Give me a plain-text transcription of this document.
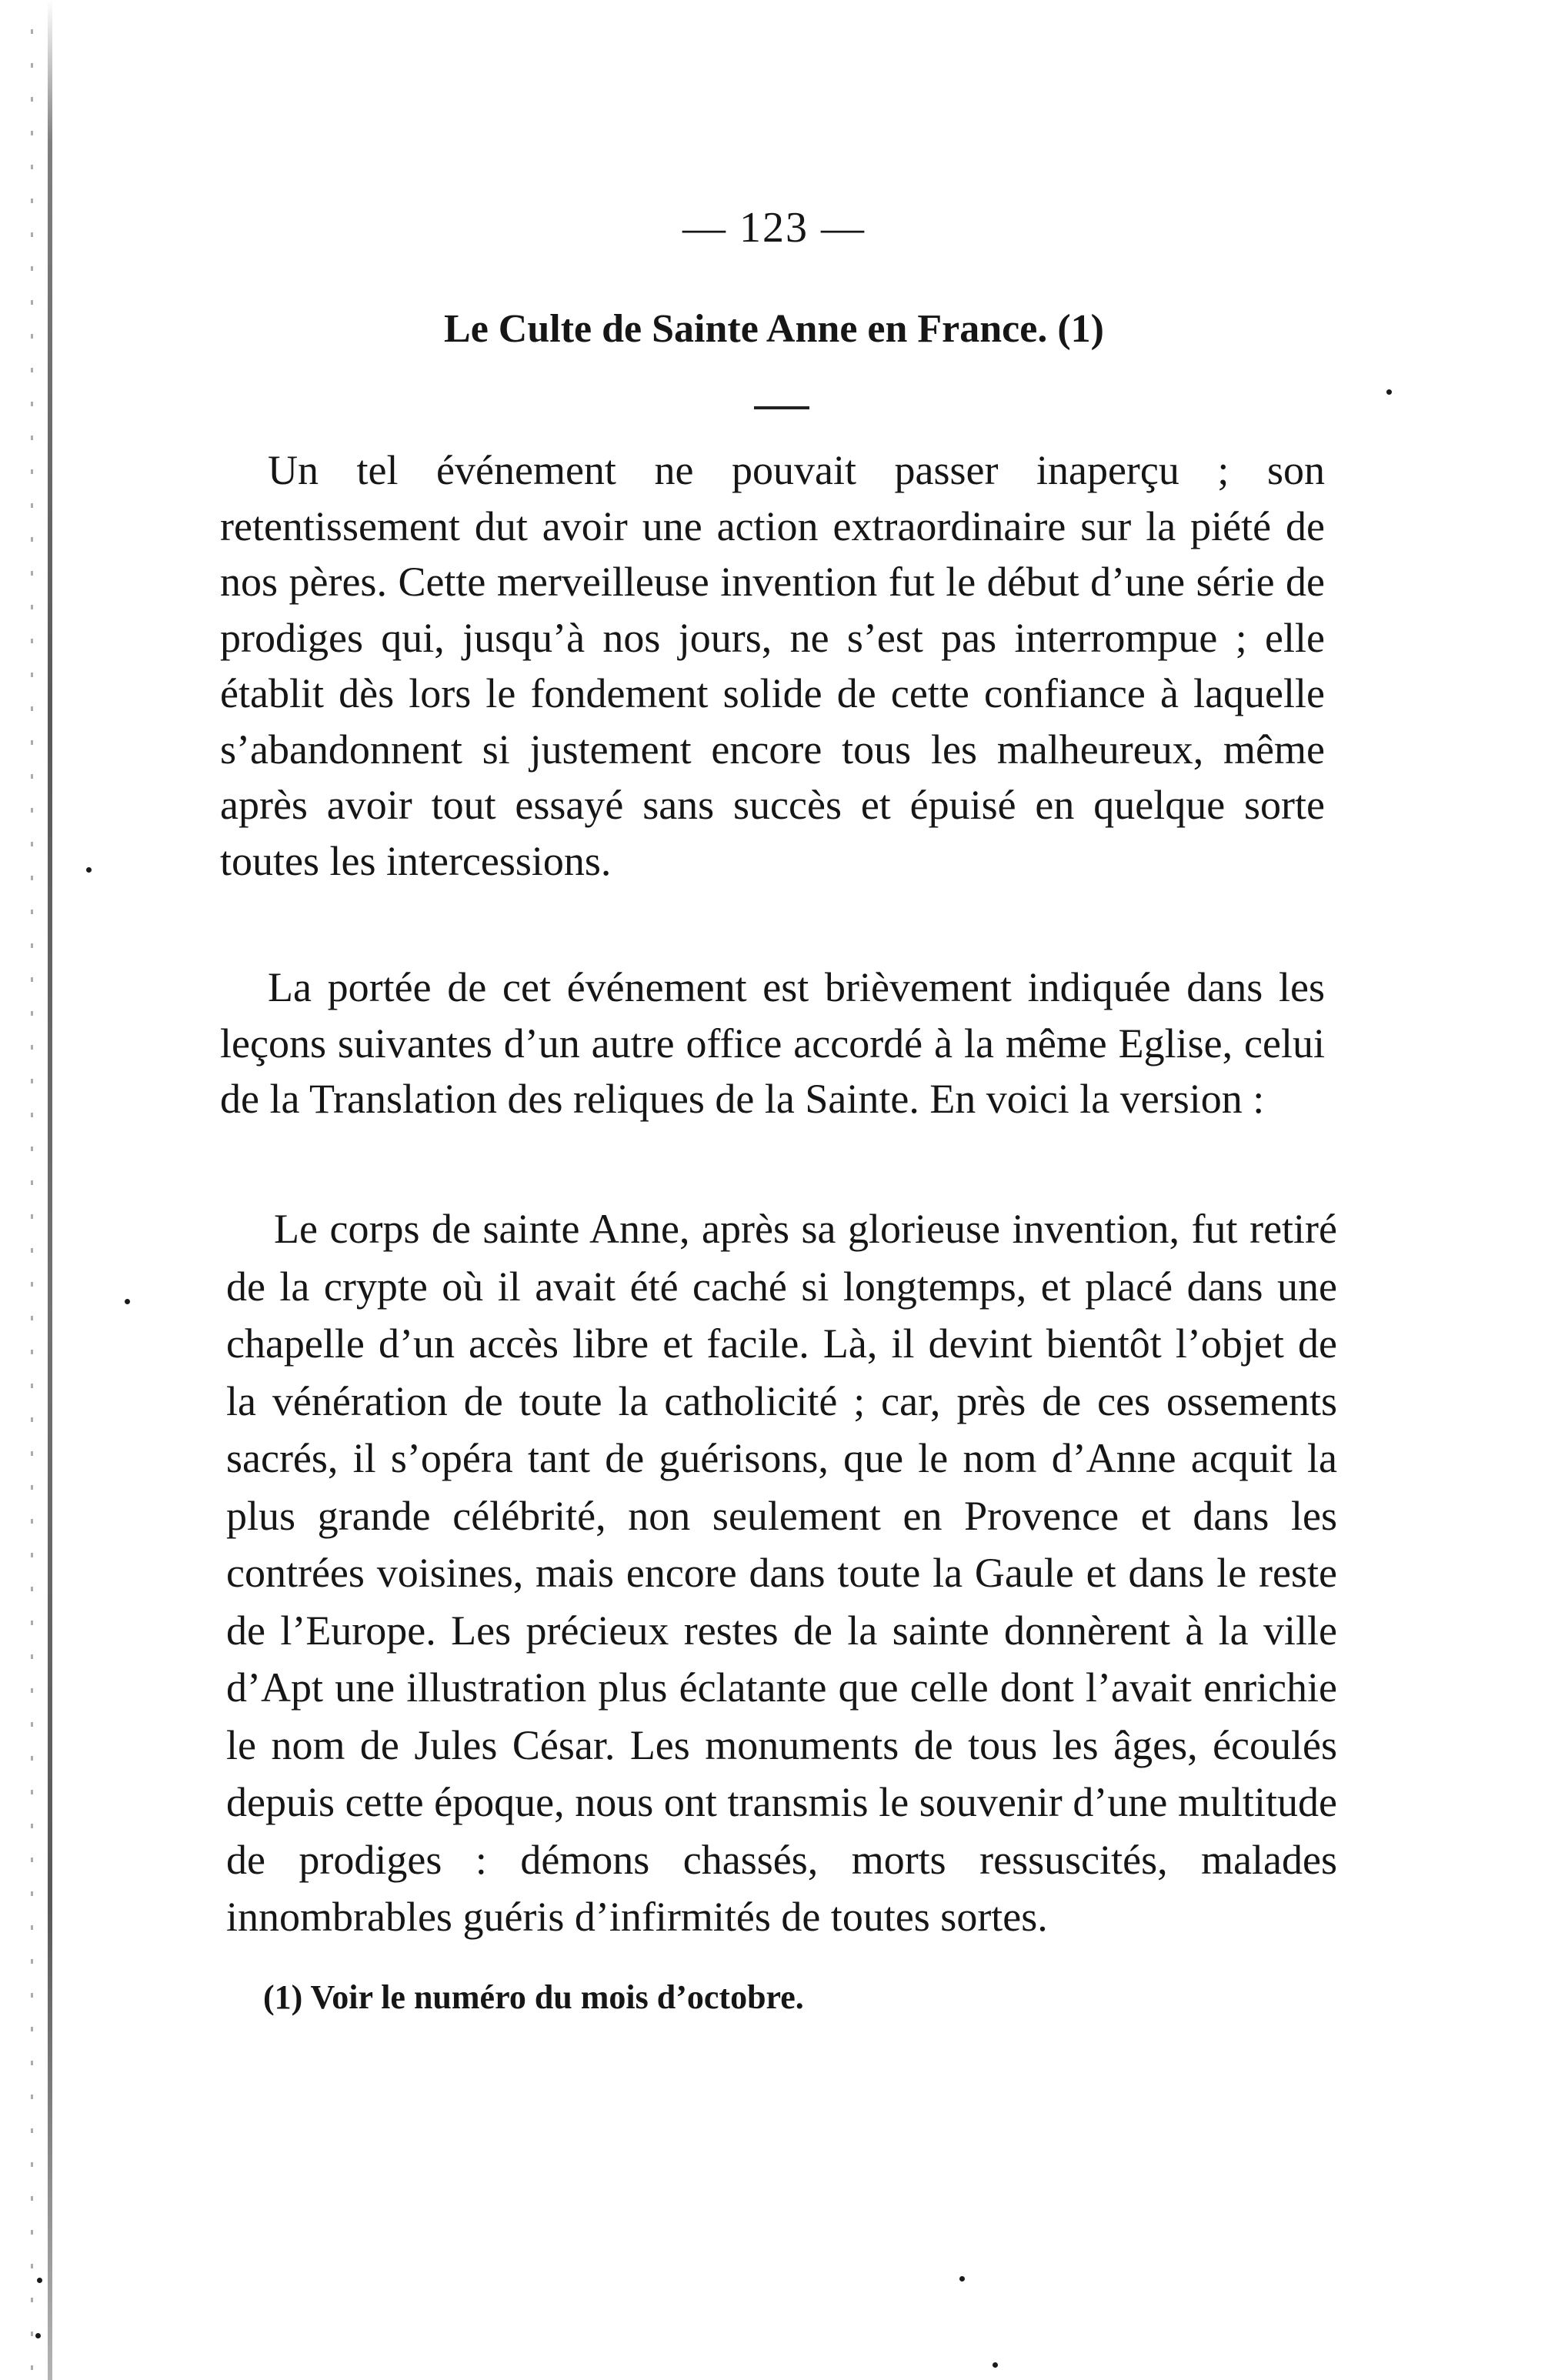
— 123 —
Le Culte de Sainte Anne en France. (1)

Un tel événement ne pouvait passer inaperçu ; son retentissement dut avoir une action extraordinaire sur la piété de nos pères. Cette merveilleuse invention fut le début d’une série de prodiges qui, jusqu’à nos jours, ne s’est pas interrompue ; elle établit dès lors le fondement solide de cette confiance à laquelle s’abandonnent si justement encore tous les malheureux, même après avoir tout essayé sans succès et épuisé en quelque sorte toutes les intercessions.

La portée de cet événement est brièvement indiquée dans les leçons suivantes d’un autre office accordé à la même Eglise, celui de la Translation des reliques de la Sainte. En voici la version :

Le corps de sainte Anne, après sa glorieuse invention, fut retiré de la crypte où il avait été caché si longtemps, et placé dans une chapelle d’un accès libre et facile. Là, il devint bientôt l’objet de la vénération de toute la catholicité ; car, près de ces ossements sacrés, il s’opéra tant de guérisons, que le nom d’Anne acquit la plus grande célébrité, non seulement en Provence et dans les contrées voisines, mais encore dans toute la Gaule et dans le reste de l’Europe. Les précieux restes de la sainte donnèrent à la ville d’Apt une illustration plus éclatante que celle dont l’avait enrichie le nom de Jules César. Les monuments de tous les âges, écoulés depuis cette époque, nous ont transmis le souvenir d’une multitude de prodiges : démons chassés, morts ressuscités, malades innombrables guéris d’infirmités de toutes sortes.

(1) Voir le numéro du mois d’octobre.
